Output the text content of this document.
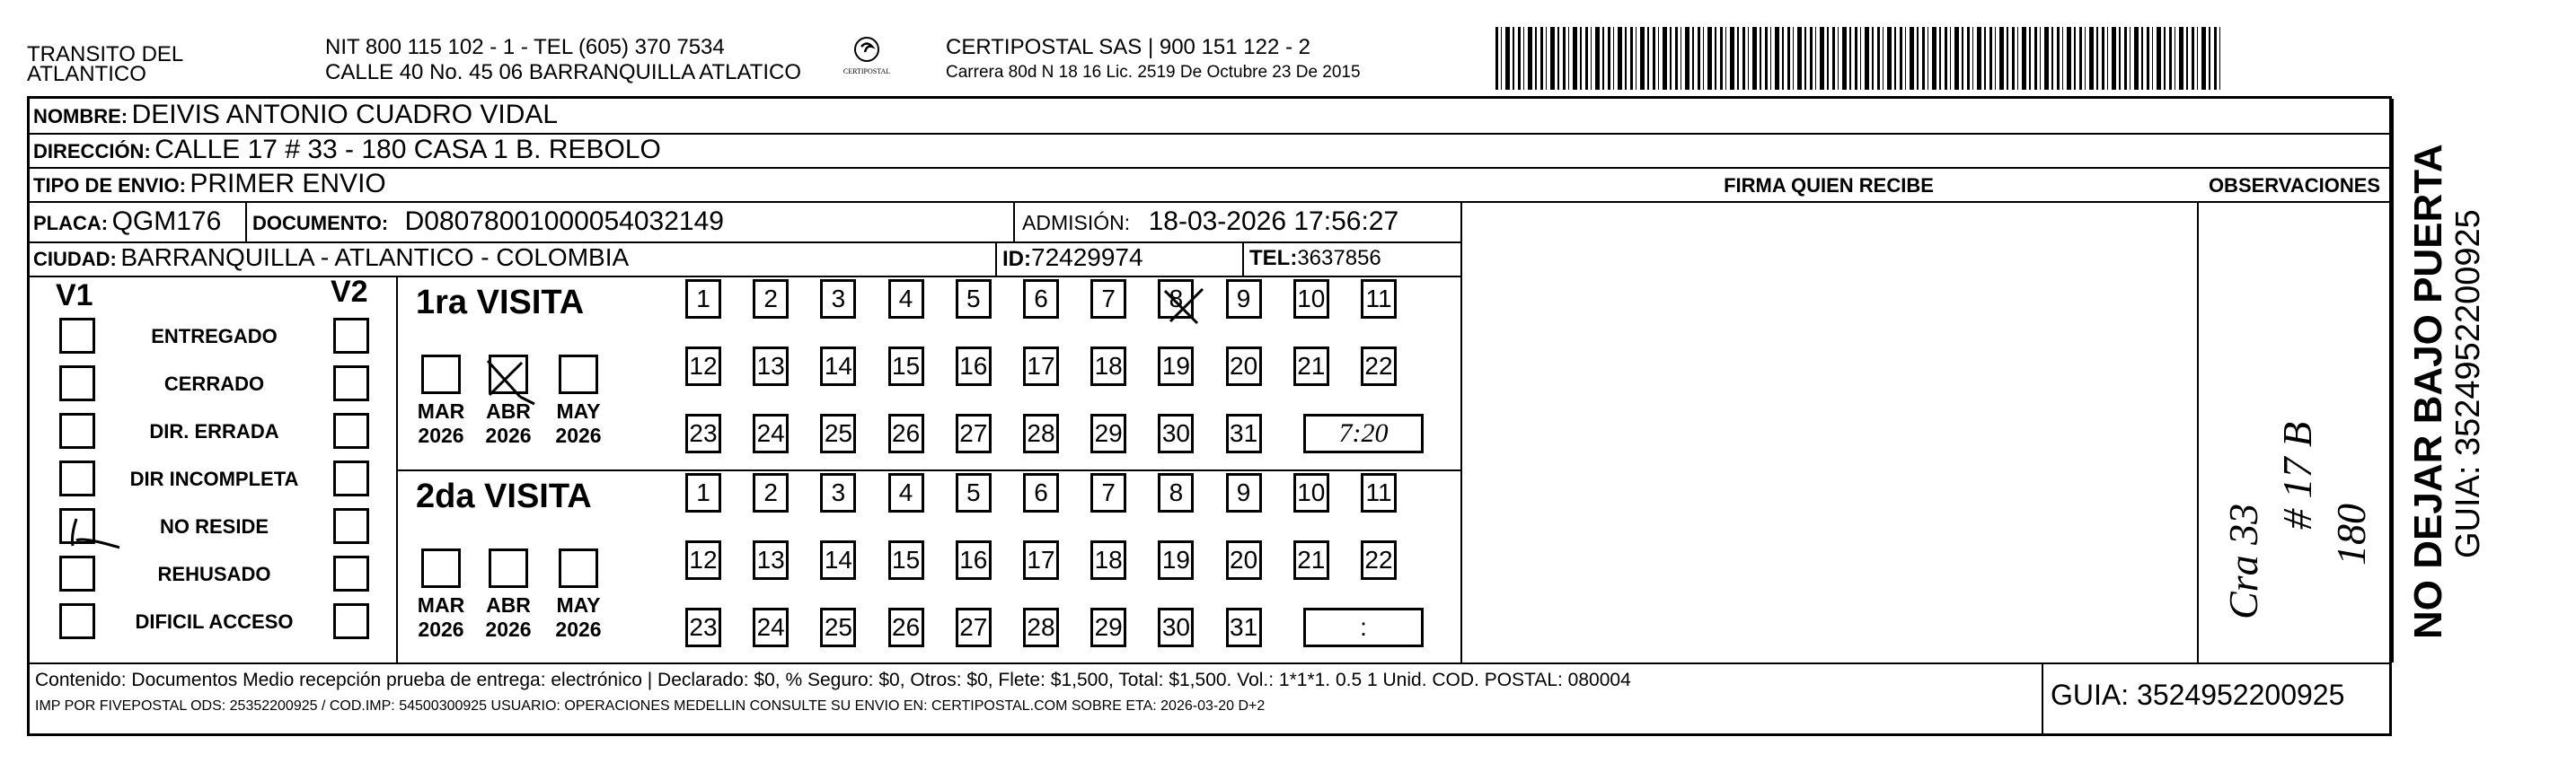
TRANSITO DEL
ATLANTICO
NIT 800 115 102 - 1 - TEL (605) 370 7534
CALLE 40 No. 45 06 BARRANQUILLA ATLATICO	CERTIPOSTAL
CERTIPOSTAL SAS | 900 151 122 - 2
Carrera 80d N 18 16 Lic. 2519 De Octubre 23 De 2015
NOMBRE: DEIVIS ANTONIO CUADRO VIDAL
DIRECCIÓN: CALLE 17 # 33 - 180 CASA 1 B. REBOLO
TIPO DE ENVIO: PRIMER ENVIO	FIRMA QUIEN RECIBE	OBSERVACIONES
PLACA: QGM176 DOCUMENTO: D08078001000054032149	ADMISIÓN: 18-03-2026 17:56:27
CIUDAD: BARRANQUILLA - ATLANTICO - COLOMBIA	ID:72429974	TEL:3637856
V1	V2
ENTREGADO
CERRADO
DIR. ERRADA
DIR INCOMPLETA
NO RESIDE
REHUSADO
DIFICIL ACCESO
1ra VISITA
MAR
2026
ABR
2026
MAY
2026
1 2 3 4 5 6 7 8 9 10 11
12 13 14 15 16 17 18 19 20 21 22
23 24 25 26 27 28 29 30 31	7:20
2da VISITA
MAR
2026
ABR
2026
MAY
2026
1 2 3 4 5 6 7 8 9 10 11
12 13 14 15 16 17 18 19 20 21 22
23 24 25 26 27 28 29 30 31	:
Cra 33
# 17 B
180
Contenido: Documentos Medio recepción prueba de entrega: electrónico | Declarado: $0, % Seguro: $0, Otros: $0, Flete: $1,500, Total: $1,500. Vol.: 1*1*1. 0.5 1 Unid. COD. POSTAL: 080004
IMP POR FIVEPOSTAL ODS: 25352200925 / COD.IMP: 54500300925 USUARIO: OPERACIONES MEDELLIN CONSULTE SU ENVIO EN: CERTIPOSTAL.COM SOBRE ETA: 2026-03-20 D+2	GUIA: 3524952200925
NO DEJAR BAJO PUERTA GUIA: 3524952200925
